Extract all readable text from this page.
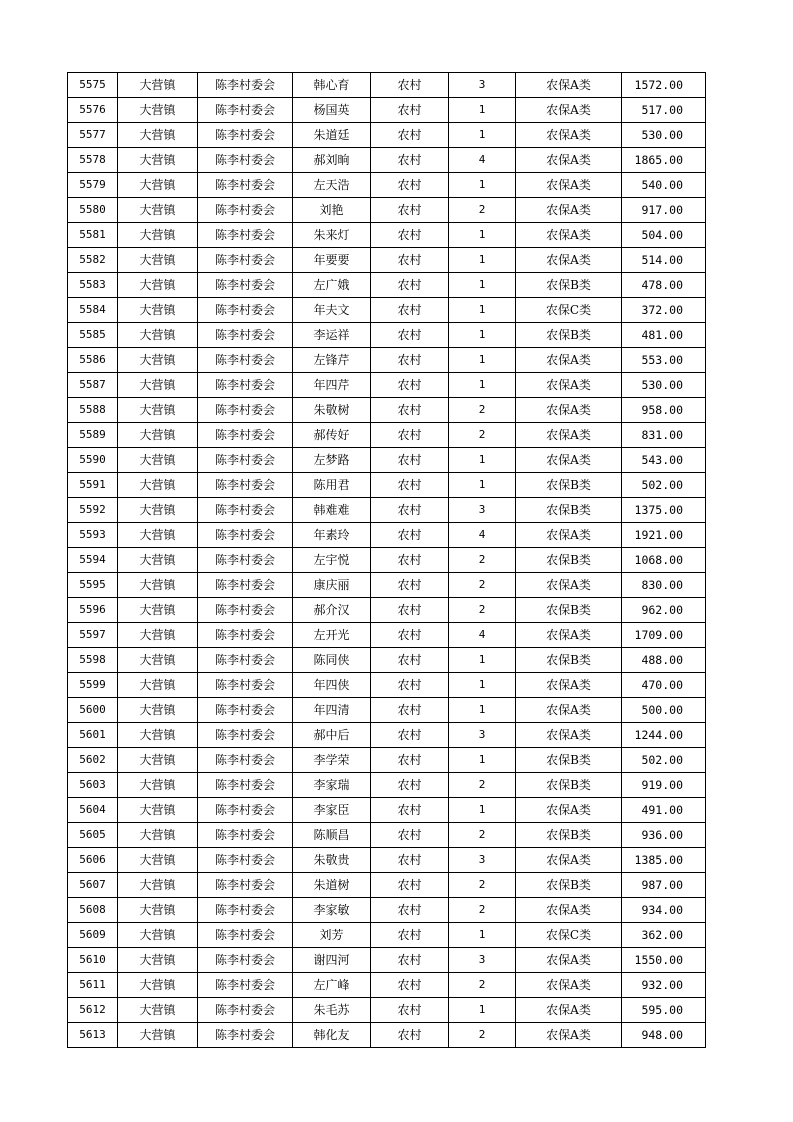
5575	大营镇	陈李村委会	韩心育	农村	3	农保A类	1572.00
5576	大营镇	陈李村委会	杨国英	农村	1	农保A类	517.00
5577	大营镇	陈李村委会	朱道廷	农村	1	农保A类	530.00
5578	大营镇	陈李村委会	郝刘晌	农村	4	农保A类	1865.00
5579	大营镇	陈李村委会	左天浩	农村	1	农保A类	540.00
5580	大营镇	陈李村委会	刘艳	农村	2	农保A类	917.00
5581	大营镇	陈李村委会	朱来灯	农村	1	农保A类	504.00
5582	大营镇	陈李村委会	年要要	农村	1	农保A类	514.00
5583	大营镇	陈李村委会	左广娥	农村	1	农保B类	478.00
5584	大营镇	陈李村委会	年夫文	农村	1	农保C类	372.00
5585	大营镇	陈李村委会	李运祥	农村	1	农保B类	481.00
5586	大营镇	陈李村委会	左锋芹	农村	1	农保A类	553.00
5587	大营镇	陈李村委会	年四芹	农村	1	农保A类	530.00
5588	大营镇	陈李村委会	朱敬树	农村	2	农保A类	958.00
5589	大营镇	陈李村委会	郝传好	农村	2	农保A类	831.00
5590	大营镇	陈李村委会	左梦路	农村	1	农保A类	543.00
5591	大营镇	陈李村委会	陈用君	农村	1	农保B类	502.00
5592	大营镇	陈李村委会	韩难难	农村	3	农保B类	1375.00
5593	大营镇	陈李村委会	年素玲	农村	4	农保A类	1921.00
5594	大营镇	陈李村委会	左宇悦	农村	2	农保B类	1068.00
5595	大营镇	陈李村委会	康庆丽	农村	2	农保A类	830.00
5596	大营镇	陈李村委会	郝介汉	农村	2	农保B类	962.00
5597	大营镇	陈李村委会	左开光	农村	4	农保A类	1709.00
5598	大营镇	陈李村委会	陈同侠	农村	1	农保B类	488.00
5599	大营镇	陈李村委会	年四侠	农村	1	农保A类	470.00
5600	大营镇	陈李村委会	年四清	农村	1	农保A类	500.00
5601	大营镇	陈李村委会	郝中后	农村	3	农保A类	1244.00
5602	大营镇	陈李村委会	李学荣	农村	1	农保B类	502.00
5603	大营镇	陈李村委会	李家瑞	农村	2	农保B类	919.00
5604	大营镇	陈李村委会	李家臣	农村	1	农保A类	491.00
5605	大营镇	陈李村委会	陈顺昌	农村	2	农保B类	936.00
5606	大营镇	陈李村委会	朱敬贵	农村	3	农保A类	1385.00
5607	大营镇	陈李村委会	朱道树	农村	2	农保B类	987.00
5608	大营镇	陈李村委会	李家敏	农村	2	农保A类	934.00
5609	大营镇	陈李村委会	刘芳	农村	1	农保C类	362.00
5610	大营镇	陈李村委会	谢四河	农村	3	农保A类	1550.00
5611	大营镇	陈李村委会	左广峰	农村	2	农保A类	932.00
5612	大营镇	陈李村委会	朱毛苏	农村	1	农保A类	595.00
5613	大营镇	陈李村委会	韩化友	农村	2	农保A类	948.00
